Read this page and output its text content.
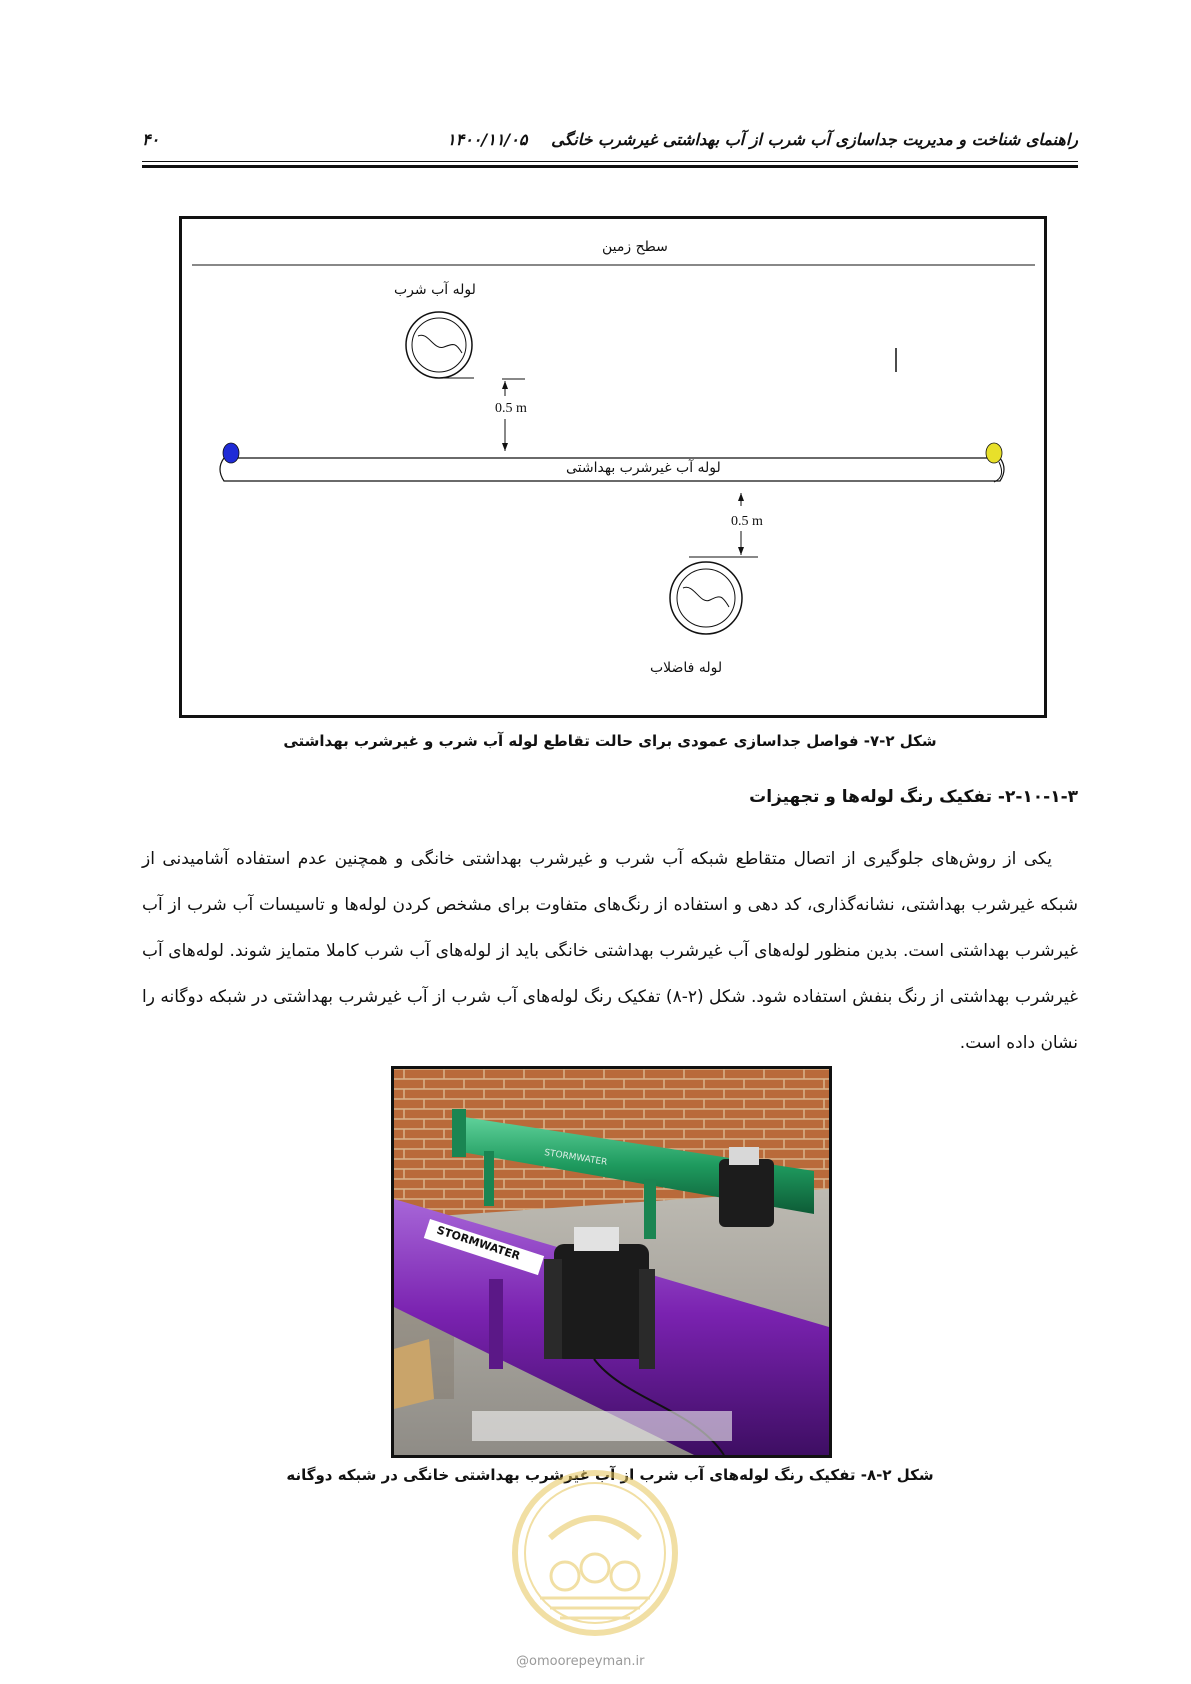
راهنمای شناخت و مدیریت جداسازی آب شرب از آب بهداشتی غیرشرب خانگی
۱۴۰۰/۱۱/۰۵
۴۰
سطح زمین
لوله آب شرب
0.5 m
لوله آب غیرشرب بهداشتی
0.5 m
لوله فاضلاب
شکل ۲-۷- فواصل جداسازی عمودی برای حالت تقاطع لوله آب شرب و غیرشرب بهداشتی
۲-۱۰-۱-۳- تفکیک رنگ لوله‌ها و تجهیزات
یکی از روش‌های جلوگیری از اتصال متقاطع شبکه آب شرب و غیرشرب بهداشتی خانگی و همچنین عدم استفاده آشامیدنی از شبکه غیرشرب بهداشتی، نشانه‌گذاری، کد دهی و استفاده از رنگ‌های متفاوت برای مشخص کردن لوله‌ها و تاسیسات آب شرب از آب غیرشرب بهداشتی است. بدین منظور لوله‌های آب غیرشرب بهداشتی خانگی باید از لوله‌های آب شرب کاملا متمایز شوند. لوله‌های آب غیرشرب بهداشتی از رنگ بنفش استفاده شود. شکل (۲-۸) تفکیک رنگ لوله‌های آب شرب از آب غیرشرب بهداشتی در شبکه دوگانه را نشان داده است.
STORMWATER
STORMWATER
شکل ۲-۸- تفکیک رنگ لوله‌های آب شرب از آب غیرشرب بهداشتی خانگی در شبکه دوگانه
@omoorepeyman.ir
